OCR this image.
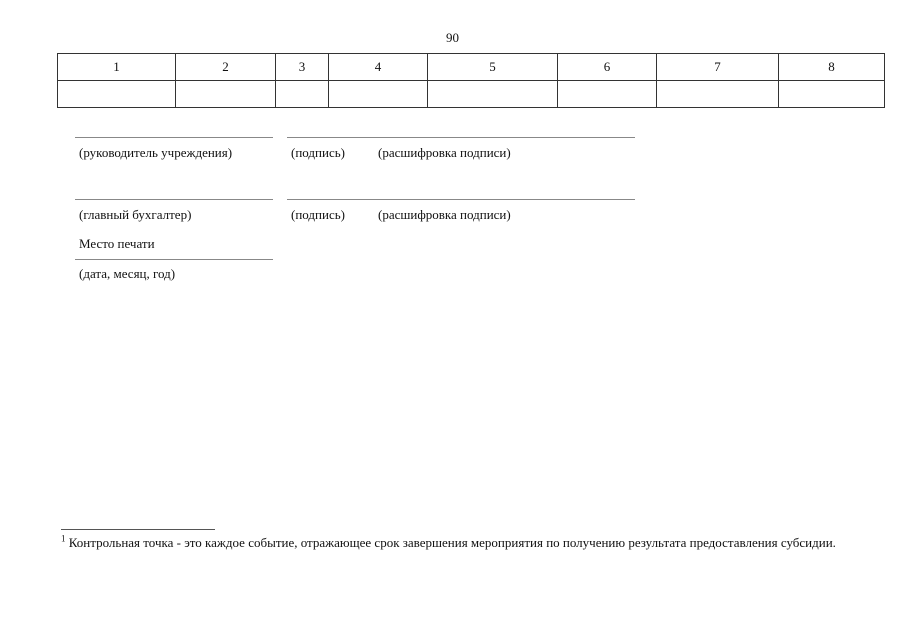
90
1	2	3	4	5	6	7	8

(руководитель учреждения)	(подпись)	(расшифровка подписи)
(главный бухгалтер)	(подпись)	(расшифровка подписи)
Место печати
(дата, месяц, год)
$^1$ Контрольная точка - это каждое событие, отражающее срок завершения мероприятия по получению результата предоставления субсидии.
